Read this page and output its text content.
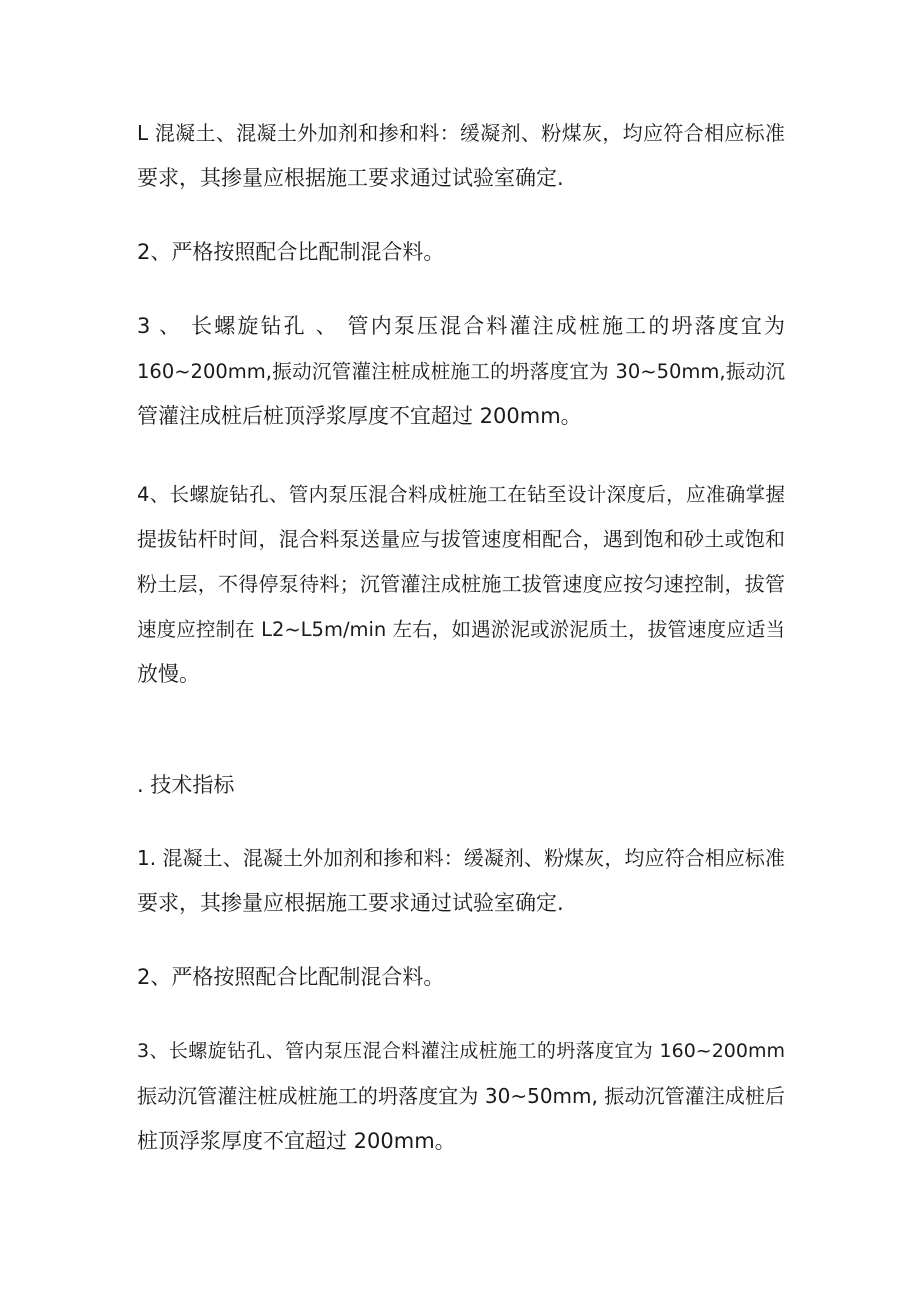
L 混凝土、混凝土外加剂和掺和料：缓凝剂、粉煤灰，均应符合相应标准
要求，其掺量应根据施工要求通过试验室确定.
2、严格按照配合比配制混合料。
3 、 长螺旋钻孔 、 管内泵压混合料灌注成桩施工的坍落度宜为
160~200mm,振动沉管灌注桩成桩施工的坍落度宜为 30~50mm,振动沉
管灌注成桩后桩顶浮浆厚度不宜超过 200mm。
4、长螺旋钻孔、管内泵压混合料成桩施工在钻至设计深度后，应准确掌握
提拔钻杆时间，混合料泵送量应与拔管速度相配合，遇到饱和砂土或饱和
粉土层，不得停泵待料；沉管灌注成桩施工拔管速度应按匀速控制，拔管
速度应控制在 L2~L5m∕min 左右，如遇淤泥或淤泥质土，拔管速度应适当
放慢。
. 技术指标
1. 混凝土、混凝土外加剂和掺和料：缓凝剂、粉煤灰，均应符合相应标准
要求，其掺量应根据施工要求通过试验室确定.
2、严格按照配合比配制混合料。
3、长螺旋钻孔、管内泵压混合料灌注成桩施工的坍落度宜为 160~200mm
振动沉管灌注桩成桩施工的坍落度宜为 30~50mm, 振动沉管灌注成桩后
桩顶浮浆厚度不宜超过 200mm。
